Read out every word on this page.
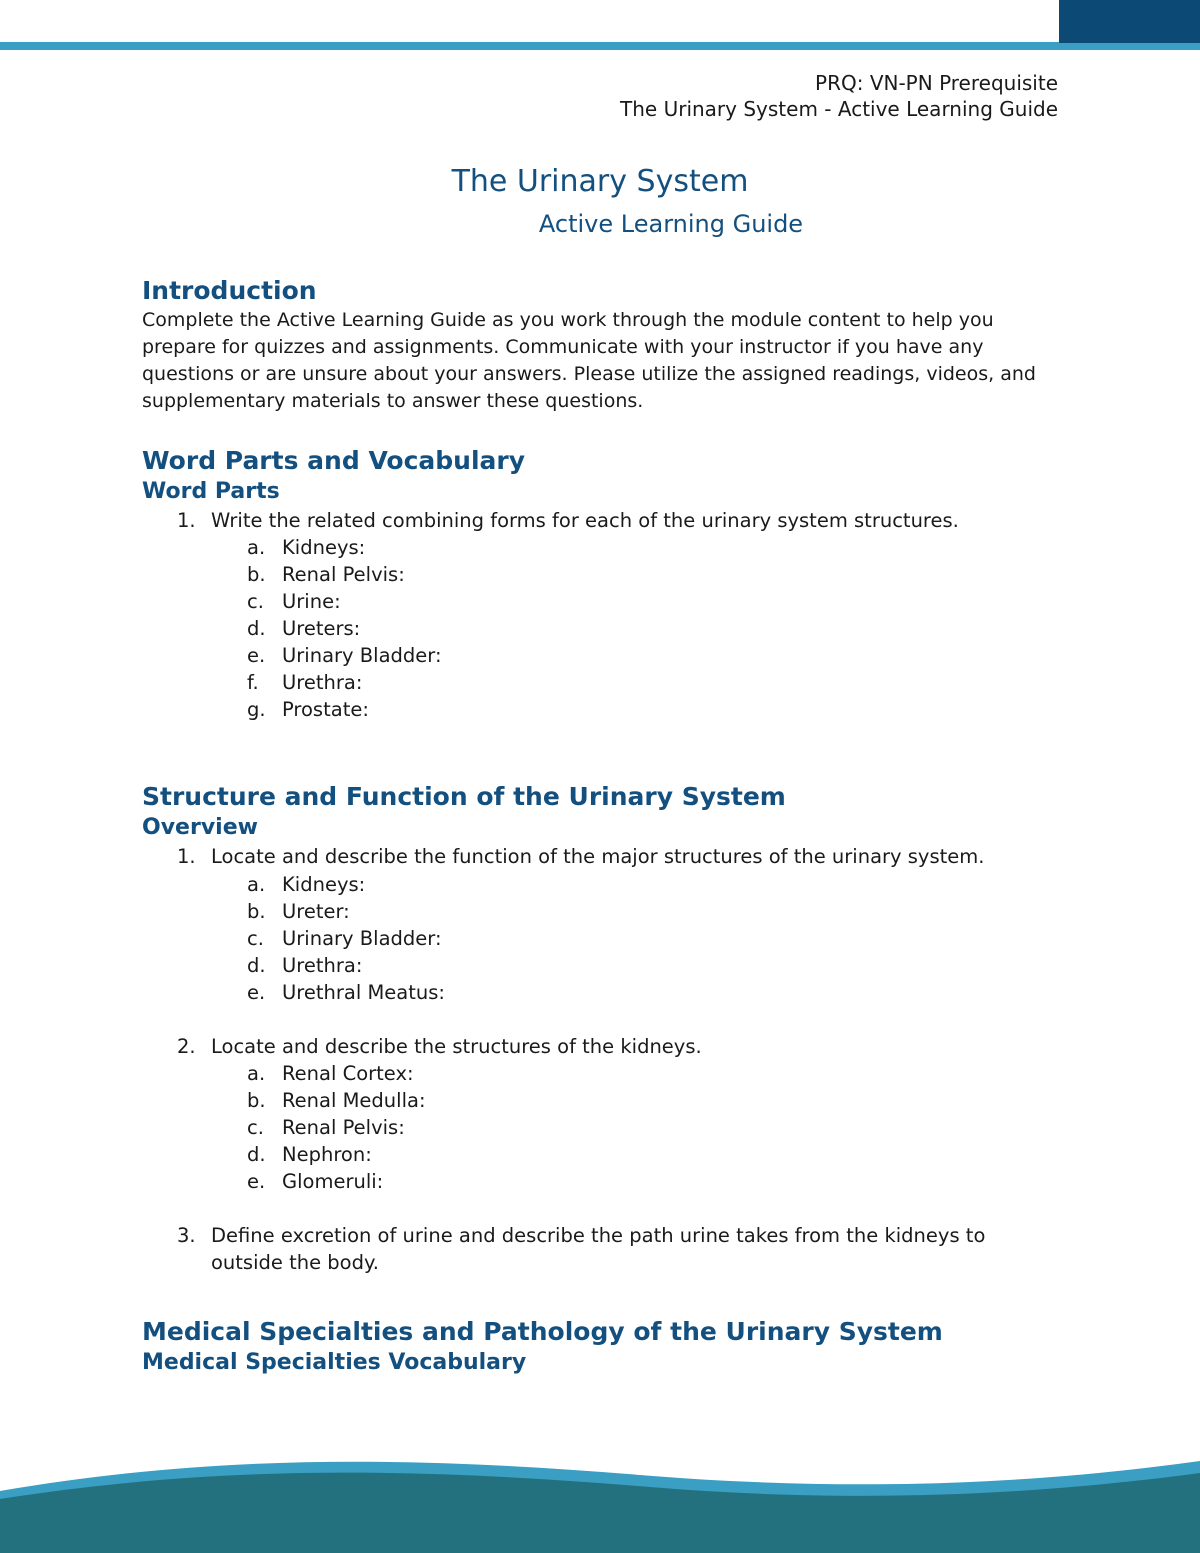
PRQ: VN-PN Prerequisite
The Urinary System - Active Learning Guide
The Urinary System
Active Learning Guide
Introduction

Complete the Active Learning Guide as you work through the module content to help you prepare for quizzes and assignments. Communicate with your instructor if you have any questions or are unsure about your answers. Please utilize the assigned readings, videos, and supplementary materials to answer these questions.

Word Parts and Vocabulary
Word Parts
1. Write the related combining forms for each of the urinary system structures.
a. Kidneys:
b. Renal Pelvis:
c. Urine:
d. Ureters:
e. Urinary Bladder:
f. Urethra:
g. Prostate:
Structure and Function of the Urinary System
Overview
1. Locate and describe the function of the major structures of the urinary system.
a. Kidneys:
b. Ureter:
c. Urinary Bladder:
d. Urethra:
e. Urethral Meatus:
2. Locate and describe the structures of the kidneys.
a. Renal Cortex:
b. Renal Medulla:
c. Renal Pelvis:
d. Nephron:
e. Glomeruli:
3. Define excretion of urine and describe the path urine takes from the kidneys to outside the body.
Medical Specialties and Pathology of the Urinary System
Medical Specialties Vocabulary
